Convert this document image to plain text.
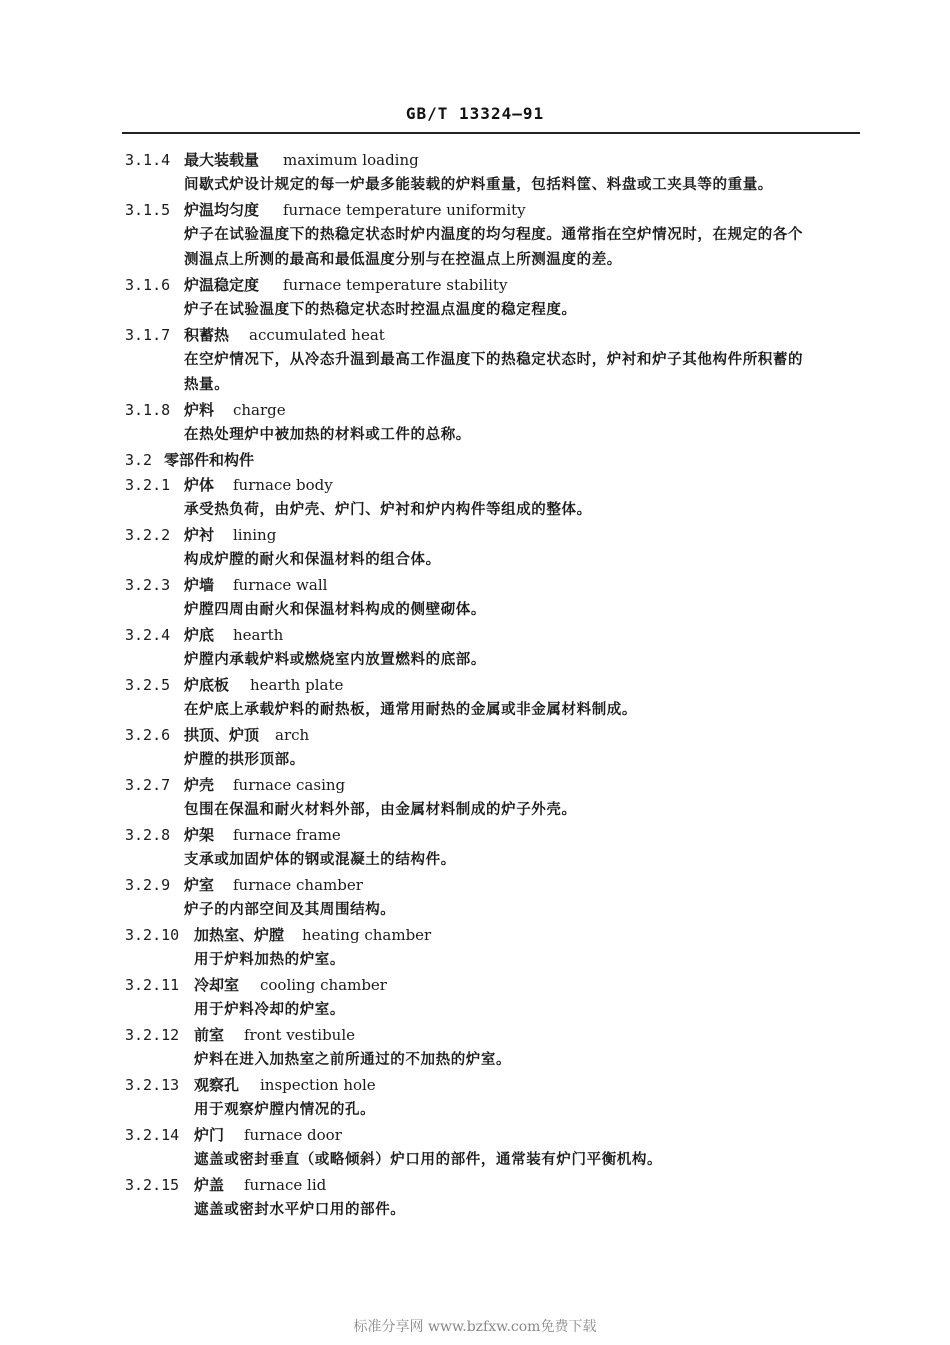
GB/T 13324—91
3.1.4 最大装载量 maximum loading
间歇式炉设计规定的每一炉最多能装载的炉料重量，包括料筐、料盘或工夹具等的重量。
3.1.5 炉温均匀度 furnace temperature uniformity
炉子在试验温度下的热稳定状态时炉内温度的均匀程度。通常指在空炉情况时，在规定的各个
测温点上所测的最高和最低温度分别与在控温点上所测温度的差。
3.1.6 炉温稳定度 furnace temperature stability
炉子在试验温度下的热稳定状态时控温点温度的稳定程度。
3.1.7 积蓄热 accumulated heat
在空炉情况下，从冷态升温到最高工作温度下的热稳定状态时，炉衬和炉子其他构件所积蓄的
热量。
3.1.8 炉料 charge
在热处理炉中被加热的材料或工件的总称。
3.2 零部件和构件
3.2.1 炉体 furnace body
承受热负荷，由炉壳、炉门、炉衬和炉内构件等组成的整体。
3.2.2 炉衬 lining
构成炉膛的耐火和保温材料的组合体。
3.2.3 炉墙 furnace wall
炉膛四周由耐火和保温材料构成的侧壁砌体。
3.2.4 炉底 hearth
炉膛内承载炉料或燃烧室内放置燃料的底部。
3.2.5 炉底板 hearth plate
在炉底上承载炉料的耐热板，通常用耐热的金属或非金属材料制成。
3.2.6 拱顶、炉顶 arch
炉膛的拱形顶部。
3.2.7 炉壳 furnace casing
包围在保温和耐火材料外部，由金属材料制成的炉子外壳。
3.2.8 炉架 furnace frame
支承或加固炉体的钢或混凝土的结构件。
3.2.9 炉室 furnace chamber
炉子的内部空间及其周围结构。
3.2.10 加热室、炉膛 heating chamber
用于炉料加热的炉室。
3.2.11 冷却室 cooling chamber
用于炉料冷却的炉室。
3.2.12 前室 front vestibule
炉料在进入加热室之前所通过的不加热的炉室。
3.2.13 观察孔 inspection hole
用于观察炉膛内情况的孔。
3.2.14 炉门 furnace door
遮盖或密封垂直（或略倾斜）炉口用的部件，通常装有炉门平衡机构。
3.2.15 炉盖 furnace lid
遮盖或密封水平炉口用的部件。
标准分享网 www.bzfxw.com免费下载
